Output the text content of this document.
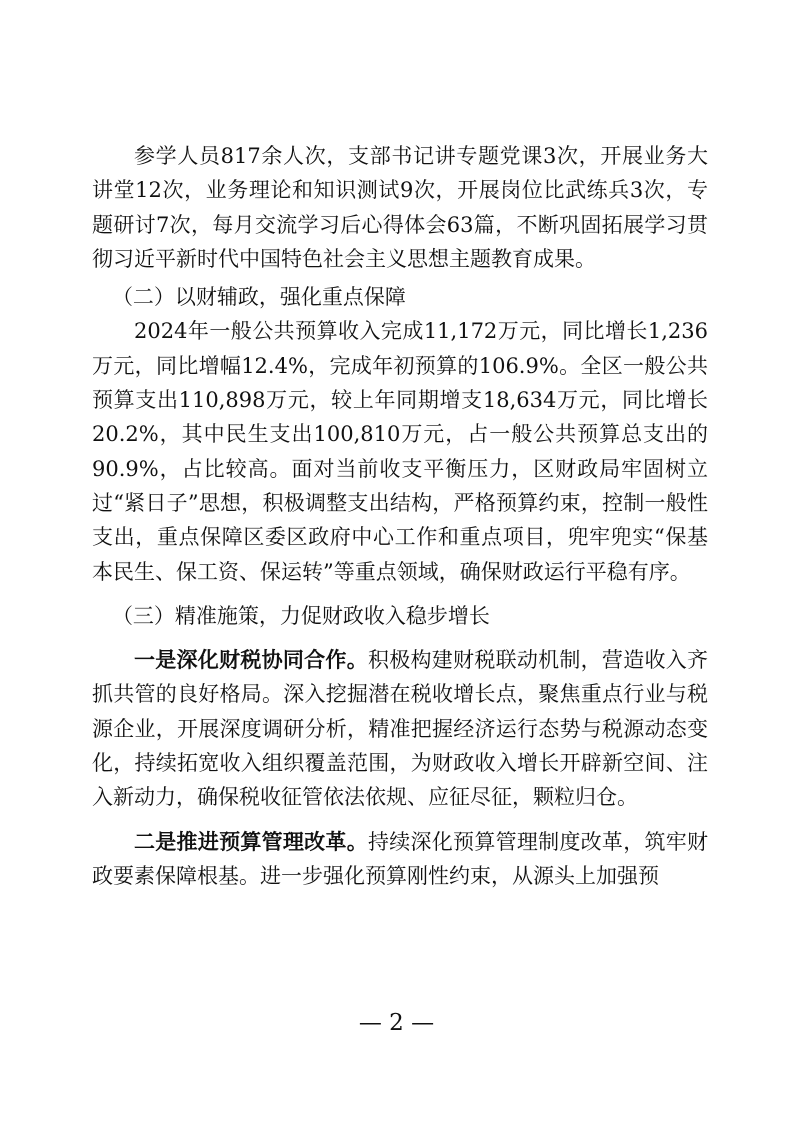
参学人员817余人次，支部书记讲专题党课3次，开展业务大讲堂12次，业务理论和知识测试9次，开展岗位比武练兵3次，专题研讨7次，每月交流学习后心得体会63篇，不断巩固拓展学习贯彻习近平新时代中国特色社会主义思想主题教育成果。

（二）以财辅政，强化重点保障

2024年一般公共预算收入完成11,172万元，同比增长1,236万元，同比增幅12.4%，完成年初预算的106.9%。全区一般公共预算支出110,898万元，较上年同期增支18,634万元，同比增长20.2%，其中民生支出100,810万元，占一般公共预算总支出的90.9%，占比较高。面对当前收支平衡压力，区财政局牢固树立过“紧日子”思想，积极调整支出结构，严格预算约束，控制一般性支出，重点保障区委区政府中心工作和重点项目，兜牢兜实“保基本民生、保工资、保运转”等重点领域，确保财政运行平稳有序。

（三）精准施策，力促财政收入稳步增长

一是深化财税协同合作。积极构建财税联动机制，营造收入齐抓共管的良好格局。深入挖掘潜在税收增长点，聚焦重点行业与税源企业，开展深度调研分析，精准把握经济运行态势与税源动态变化，持续拓宽收入组织覆盖范围，为财政收入增长开辟新空间、注入新动力，确保税收征管依法依规、应征尽征，颗粒归仓。

二是推进预算管理改革。持续深化预算管理制度改革，筑牢财政要素保障根基。进一步强化预算刚性约束，从源头上加强预

— 2 —
